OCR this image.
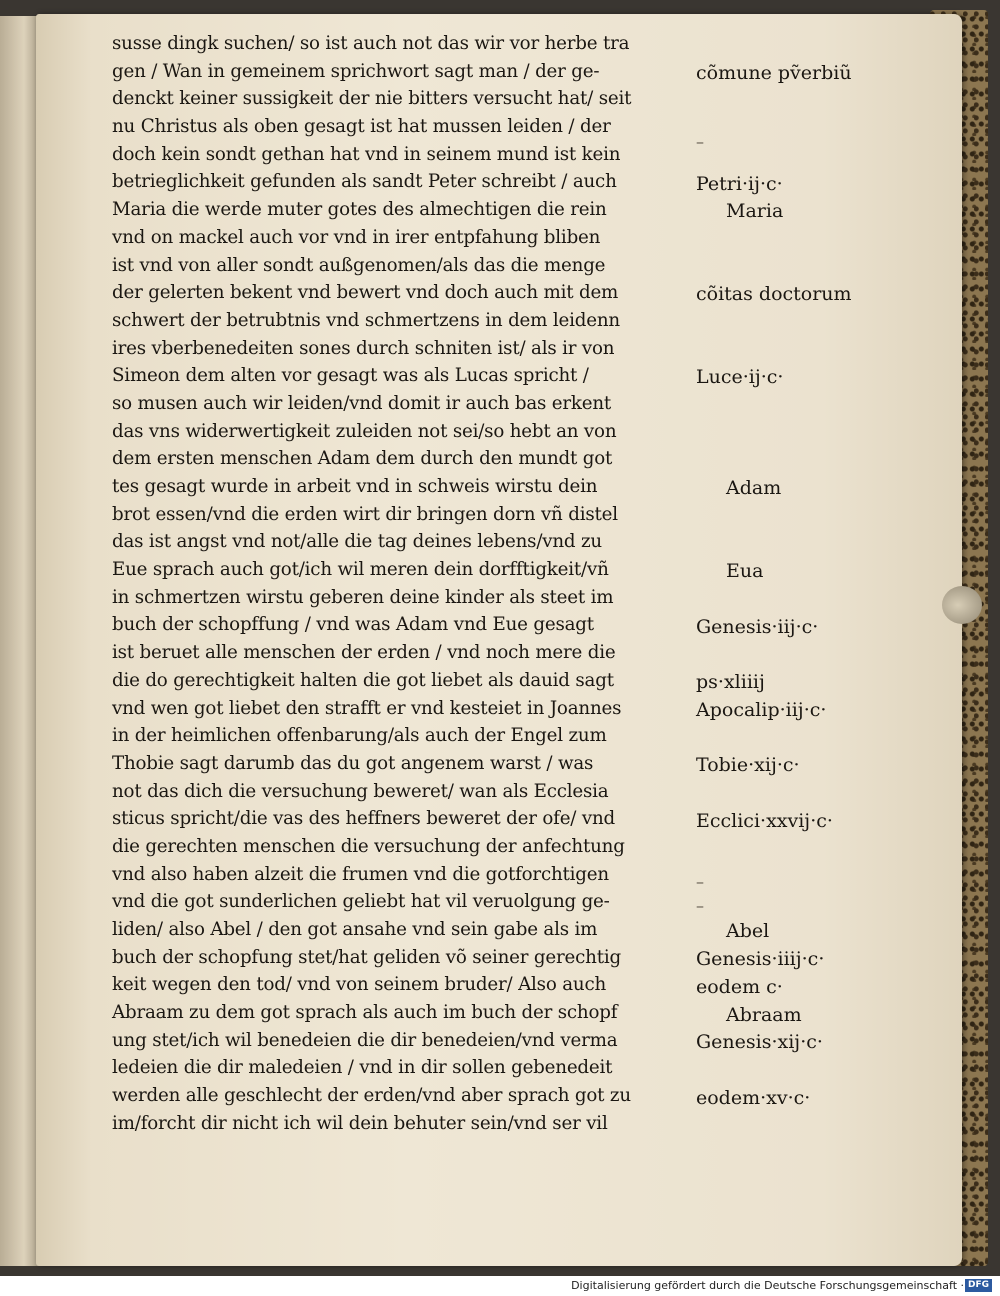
susse dingk suchen/ so ist auch not das wir vor herbe tra
gen / Wan in gemeinem sprichwort sagt man / der ge-
denckt keiner sussigkeit der nie bitters versucht hat/ seit
nu Christus als oben gesagt ist hat mussen leiden / der
doch kein sondt gethan hat vnd in seinem mund ist kein
betrieglichkeit gefunden als sandt Peter schreibt / auch
Maria die werde muter gotes des almechtigen die rein
vnd on mackel auch vor vnd in irer entpfahung bliben
ist vnd von aller sondt außgenomen/als das die menge
der gelerten bekent vnd bewert vnd doch auch mit dem
schwert der betrubtnis vnd schmertzens in dem leidenn
ires vberbenedeiten sones durch schniten ist/ als ir von
Simeon dem alten vor gesagt was als Lucas spricht /
so musen auch wir leiden/vnd domit ir auch bas erkent
das vns widerwertigkeit zuleiden not sei/so hebt an von
dem ersten menschen Adam dem durch den mundt got
tes gesagt wurde in arbeit vnd in schweis wirstu dein
brot essen/vnd die erden wirt dir bringen dorn vñ distel
das ist angst vnd not/alle die tag deines lebens/vnd zu
Eue sprach auch got/ich wil meren dein dorfftigkeit/vñ
in schmertzen wirstu geberen deine kinder als steet im
buch der schopffung / vnd was Adam vnd Eue gesagt
ist beruet alle menschen der erden / vnd noch mere die
die do gerechtigkeit halten die got liebet als dauid sagt
vnd wen got liebet den strafft er vnd kesteiet in Joannes
in der heimlichen offenbarung/als auch der Engel zum
Thobie sagt darumb das du got angenem warst / was
not das dich die versuchung beweret/ wan als Ecclesia
sticus spricht/die vas des heffners beweret der ofe/ vnd
die gerechten menschen die versuchung der anfechtung
vnd also haben alzeit die frumen vnd die gotforchtigen
vnd die got sunderlichen geliebt hat vil veruolgung ge-
liden/ also Abel / den got ansahe vnd sein gabe als im
buch der schopfung stet/hat geliden võ seiner gerechtig
keit wegen den tod/ vnd von seinem bruder/ Also auch
Abraam zu dem got sprach als auch im buch der schopf
ung stet/ich wil benedeien die dir benedeien/vnd verma
ledeien die dir maledeien / vnd in dir sollen gebenedeit
werden alle geschlecht der erden/vnd aber sprach got zu
im/forcht dir nicht ich wil dein behuter sein/vnd ser vil
–
–
–
cõmune pṽerbiũ
Petri·ij·c·
Maria
cõitas doctorum
Luce·ij·c·
Adam
Eua
Genesis·iij·c·
ps·xliiij
Apocalip·iij·c·
Tobie·xij·c·
Ecclici·xxvij·c·
Abel
Genesis·iiij·c·
eodem c·
Abraam
Genesis·xij·c·
eodem·xv·c·
Digitalisierung gefördert durch die Deutsche Forschungsgemeinschaft · DFG
